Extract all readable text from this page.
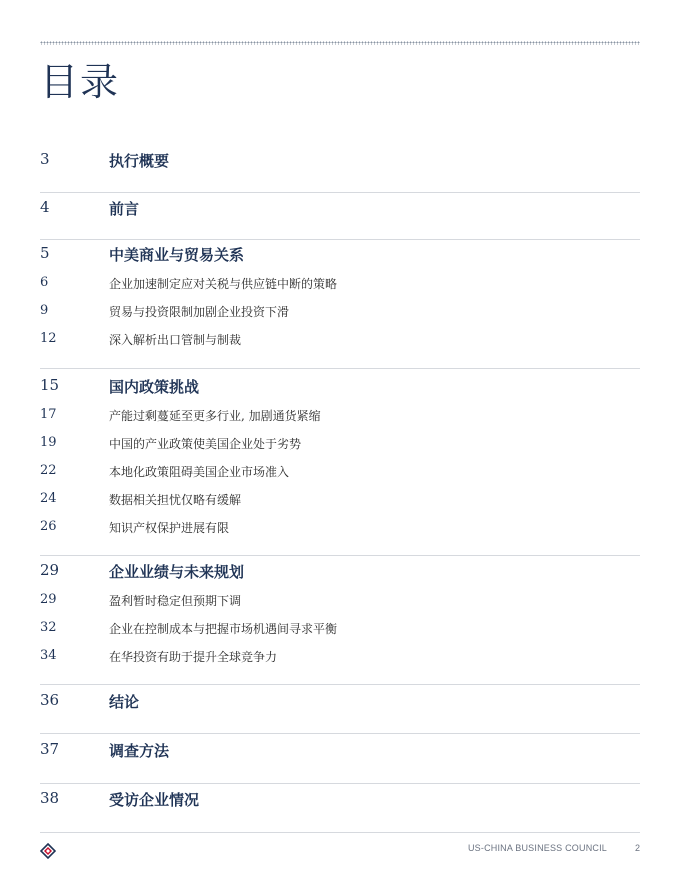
目录
3	执行概要
4	前言
5	中美商业与贸易关系
6	企业加速制定应对关税与供应链中断的策略
9	贸易与投资限制加剧企业投资下滑
12	深入解析出口管制与制裁
15	国内政策挑战
17	产能过剩蔓延至更多行业, 加剧通货紧缩
19	中国的产业政策使美国企业处于劣势
22	本地化政策阻碍美国企业市场准入
24	数据相关担忧仅略有缓解
26	知识产权保护进展有限
29	企业业绩与未来规划
29	盈利暂时稳定但预期下调
32	企业在控制成本与把握市场机遇间寻求平衡
34	在华投资有助于提升全球竞争力
36	结论
37	调查方法
38	受访企业情况
US-CHINA BUSINESS COUNCIL	2
